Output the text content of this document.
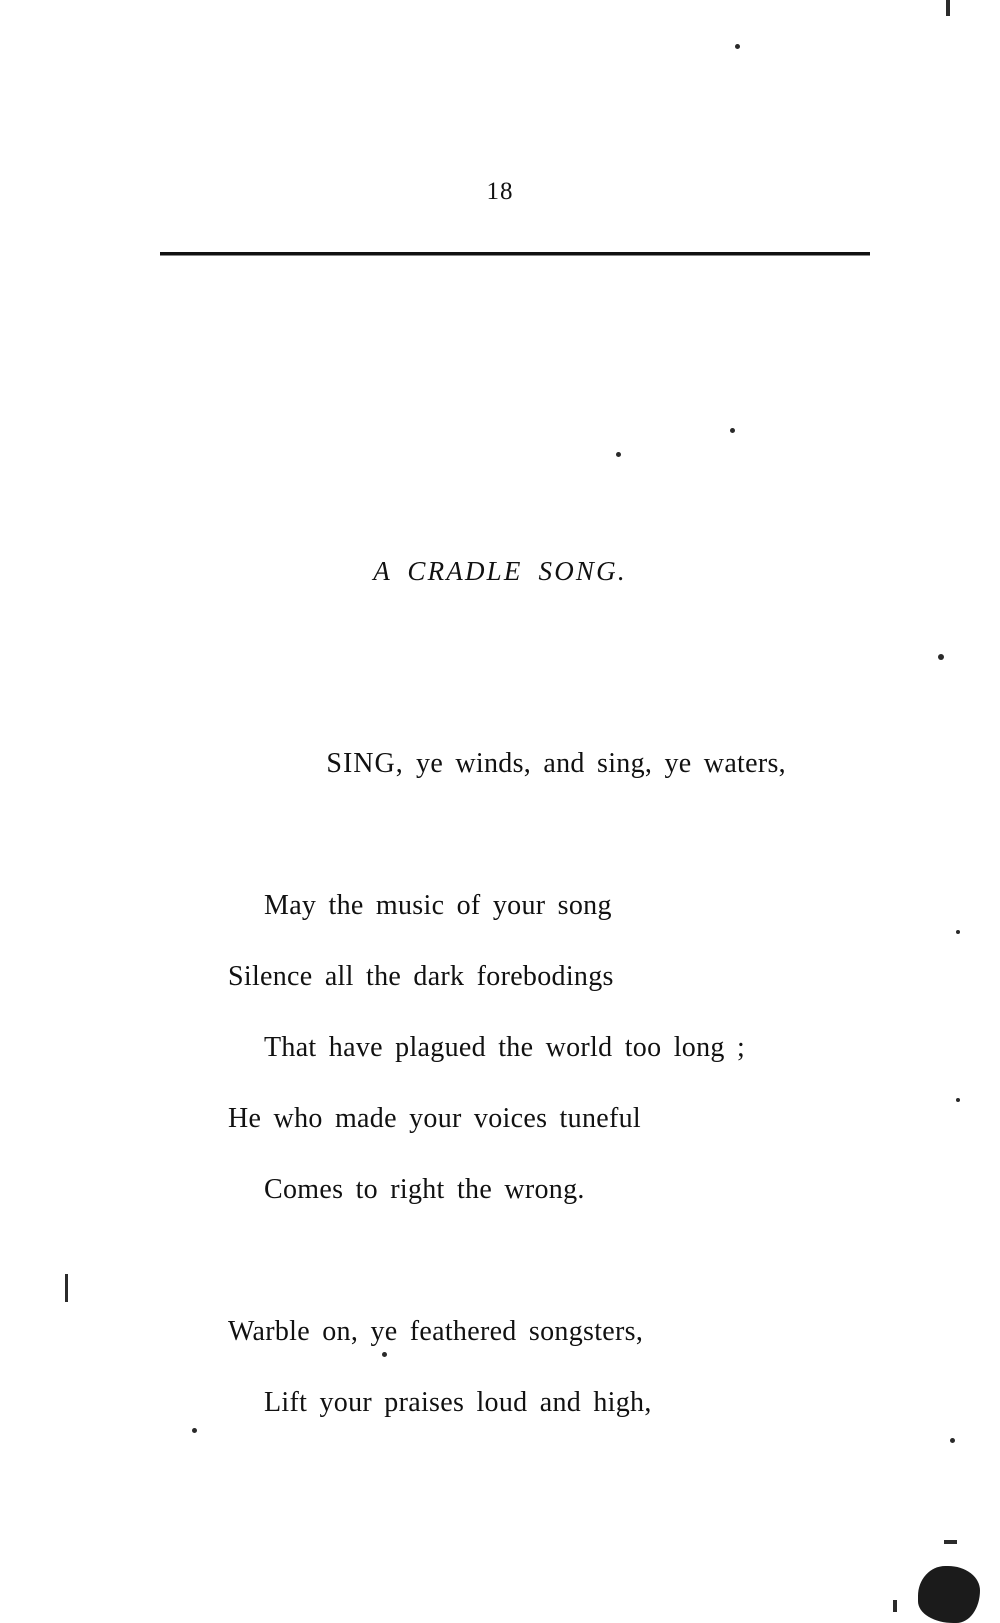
18
A CRADLE SONG.

SING, ye winds, and sing, ye waters,

May the music of your song
Silence all the dark forebodings
That have plagued the world too long ;
He who made your voices tuneful
Comes to right the wrong.
Warble on, ye feathered songsters,
Lift your praises loud and high,
